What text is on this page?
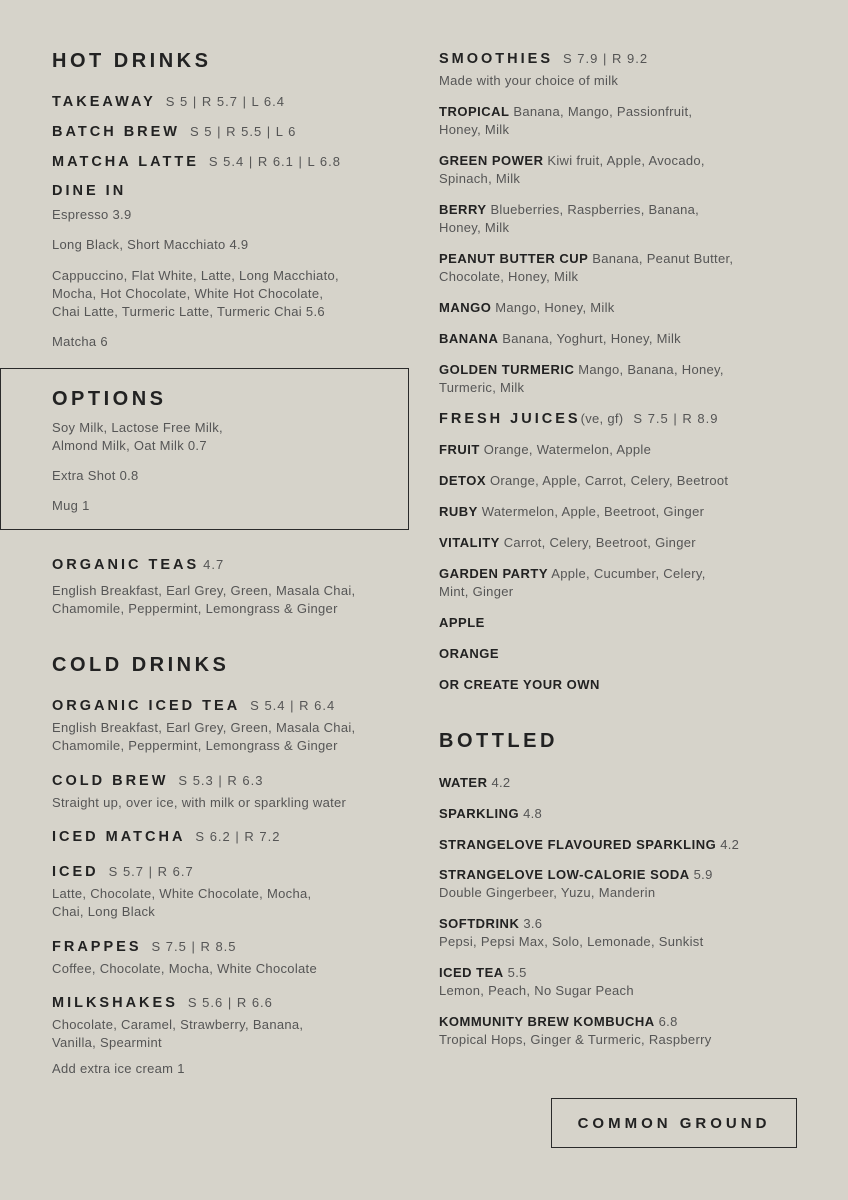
HOT DRINKS
TAKEAWAY S 5 | R 5.7 | L 6.4
BATCH BREW S 5 | R 5.5 | L 6
MATCHA LATTE S 5.4 | R 6.1 | L 6.8
DINE IN
Espresso 3.9
Long Black, Short Macchiato 4.9
Cappuccino, Flat White, Latte, Long Macchiato,
Mocha, Hot Chocolate, White Hot Chocolate,
Chai Latte, Turmeric Latte, Turmeric Chai 5.6
Matcha 6
OPTIONS
Soy Milk, Lactose Free Milk,
Almond Milk, Oat Milk 0.7
Extra Shot 0.8
Mug 1
ORGANIC TEAS 4.7
English Breakfast, Earl Grey, Green, Masala Chai,
Chamomile, Peppermint, Lemongrass & Ginger
COLD DRINKS
ORGANIC ICED TEA S 5.4 | R 6.4
English Breakfast, Earl Grey, Green, Masala Chai,
Chamomile, Peppermint, Lemongrass & Ginger
COLD BREW S 5.3 | R 6.3
Straight up, over ice, with milk or sparkling water
ICED MATCHA S 6.2 | R 7.2
ICED S 5.7 | R 6.7
Latte, Chocolate, White Chocolate, Mocha,
Chai, Long Black
FRAPPES S 7.5 | R 8.5
Coffee, Chocolate, Mocha, White Chocolate
MILKSHAKES S 5.6 | R 6.6
Chocolate, Caramel, Strawberry, Banana,
Vanilla, Spearmint
Add extra ice cream 1
SMOOTHIES S 7.9 | R 9.2
Made with your choice of milk
TROPICAL Banana, Mango, Passionfruit,
Honey, Milk
GREEN POWER Kiwi fruit, Apple, Avocado,
Spinach, Milk
BERRY Blueberries, Raspberries, Banana,
Honey, Milk
PEANUT BUTTER CUP Banana, Peanut Butter,
Chocolate, Honey, Milk
MANGO Mango, Honey, Milk
BANANA Banana, Yoghurt, Honey, Milk
GOLDEN TURMERIC Mango, Banana, Honey,
Turmeric, Milk
FRESH JUICES(ve, gf) S 7.5 | R 8.9
FRUIT Orange, Watermelon, Apple
DETOX Orange, Apple, Carrot, Celery, Beetroot
RUBY Watermelon, Apple, Beetroot, Ginger
VITALITY Carrot, Celery, Beetroot, Ginger
GARDEN PARTY Apple, Cucumber, Celery,
Mint, Ginger
APPLE
ORANGE
OR CREATE YOUR OWN
BOTTLED
WATER 4.2
SPARKLING 4.8
STRANGELOVE FLAVOURED SPARKLING 4.2
STRANGELOVE LOW-CALORIE SODA 5.9
Double Gingerbeer, Yuzu, Manderin
SOFTDRINK 3.6
Pepsi, Pepsi Max, Solo, Lemonade, Sunkist
ICED TEA 5.5
Lemon, Peach, No Sugar Peach
KOMMUNITY BREW KOMBUCHA 6.8
Tropical Hops, Ginger & Turmeric, Raspberry
COMMON GROUND
